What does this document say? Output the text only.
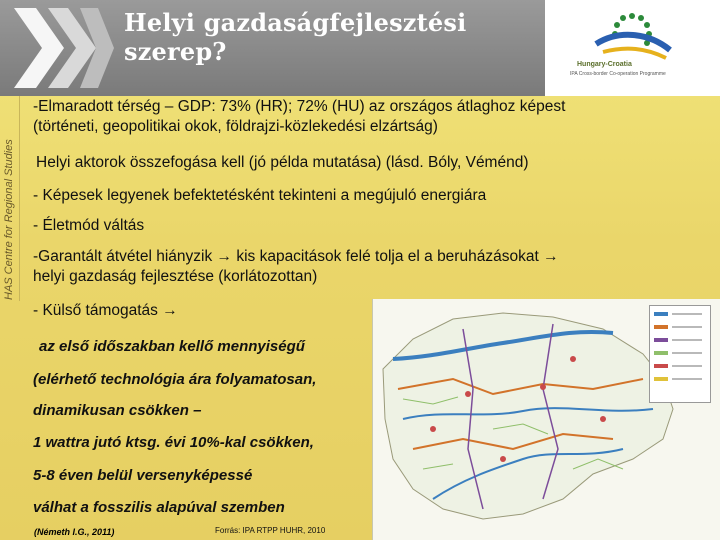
Helyi gazdaságfejlesztési
szerep?	Hungary-Croatia
IPA Cross-border Co-operation Programme
HAS Centre for Regional Studies
-Elmaradott térség – GDP: 73% (HR); 72% (HU) az országos átlaghoz képest
(történeti, geopolitikai okok, földrajzi-közlekedési elzártság)
Helyi aktorok összefogása kell (jó példa mutatása) (lásd. Bóly, Véménd)
- Képesek legyenek befektetésként tekinteni a megújuló energiára
- Életmód váltás
-Garantált átvétel hiányzik → kis kapacitások felé tolja el a beruházásokat →
helyi gazdaság fejlesztése (korlátozottan)
- Külső támogatás →
az első időszakban kellő mennyiségű
(elérhető technológia ára folyamatosan,
dinamikusan csökken –
1 wattra jutó ktsg. évi 10%-kal csökken,
5-8 éven belül versenyképessé
válhat a fosszilis alapúval szemben
(Németh I.G., 2011)	Forrás: IPA RTPP HUHR, 2010
